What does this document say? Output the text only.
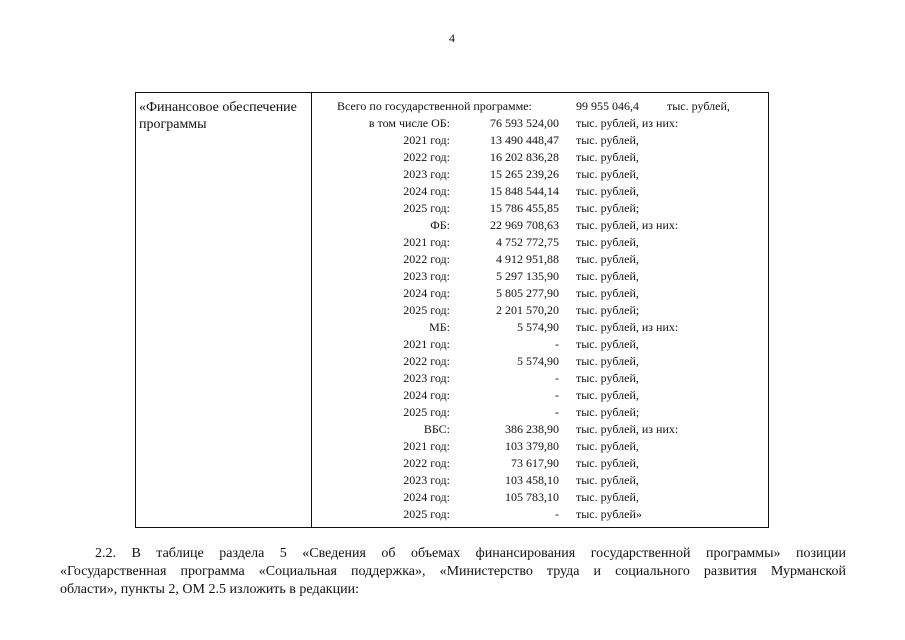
4
«Финансовое обеспечение
программы
Всего по государственной программе:	99 955 046,4 тыс. рублей,
в том числе ОБ:	76 593 524,00 тыс. рублей, из них:
2021 год:	13 490 448,47 тыс. рублей,
2022 год:	16 202 836,28 тыс. рублей,
2023 год:	15 265 239,26 тыс. рублей,
2024 год:	15 848 544,14 тыс. рублей,
2025 год:	15 786 455,85 тыс. рублей;
ФБ:	22 969 708,63 тыс. рублей, из них:
2021 год:	4 752 772,75 тыс. рублей,
2022 год:	4 912 951,88 тыс. рублей,
2023 год:	5 297 135,90 тыс. рублей,
2024 год:	5 805 277,90 тыс. рублей,
2025 год:	2 201 570,20 тыс. рублей;
МБ:	5 574,90 тыс. рублей, из них:
2021 год:	- тыс. рублей,
2022 год:	5 574,90 тыс. рублей,
2023 год:	- тыс. рублей,
2024 год:	- тыс. рублей,
2025 год:	- тыс. рублей;
ВБС:	386 238,90 тыс. рублей, из них:
2021 год:	103 379,80 тыс. рублей,
2022 год:	73 617,90 тыс. рублей,
2023 год:	103 458,10 тыс. рублей,
2024 год:	105 783,10 тыс. рублей,
2025 год:	- тыс. рублей»
2.2. В таблице раздела 5 «Сведения об объемах финансирования государственной программы» позиции
«Государственная программа «Социальная поддержка», «Министерство труда и социального развития Мурманской
области», пункты 2, ОМ 2.5 изложить в редакции:
